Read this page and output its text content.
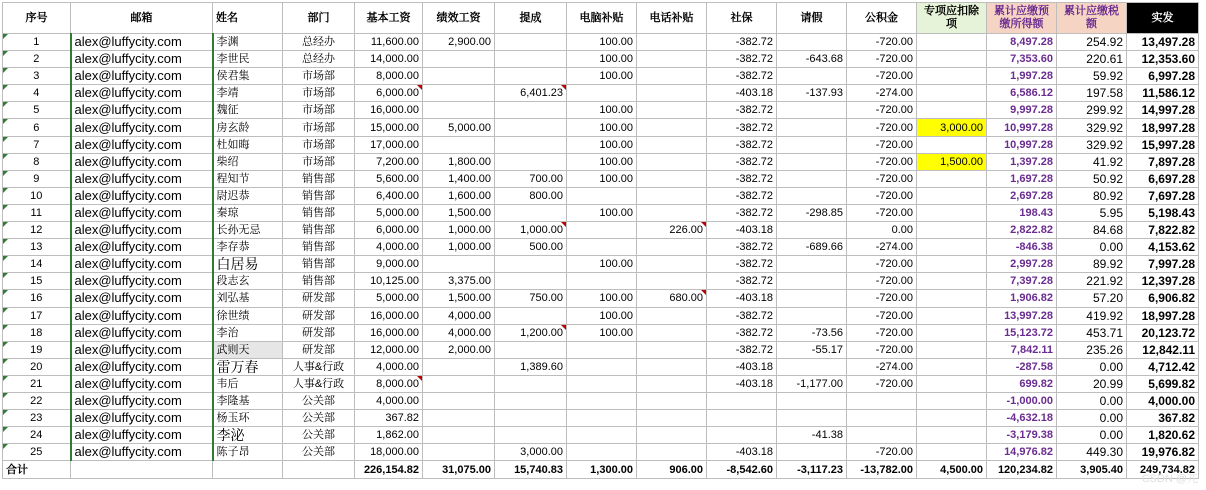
序号	邮箱	姓名	部门	基本工资	绩效工资	提成	电脑补贴	电话补贴	社保	请假	公积金	专项应扣除项	累计应缴预缴所得额	累计应缴税额	实发
1	alex@luffycity.com	李渊	总经办	11,600.00	2,900.00		100.00		-382.72		-720.00		8,497.28	254.92	13,497.28
2	alex@luffycity.com	李世民	总经办	14,000.00			100.00		-382.72	-643.68	-720.00		7,353.60	220.61	12,353.60
3	alex@luffycity.com	侯君集	市场部	8,000.00			100.00		-382.72		-720.00		1,997.28	59.92	6,997.28
4	alex@luffycity.com	李靖	市场部	6,000.00		6,401.23			-403.18	-137.93	-274.00		6,586.12	197.58	11,586.12
5	alex@luffycity.com	魏征	市场部	16,000.00			100.00		-382.72		-720.00		9,997.28	299.92	14,997.28
6	alex@luffycity.com	房玄龄	市场部	15,000.00	5,000.00		100.00		-382.72		-720.00	3,000.00	10,997.28	329.92	18,997.28
7	alex@luffycity.com	杜如晦	市场部	17,000.00			100.00		-382.72		-720.00		10,997.28	329.92	15,997.28
8	alex@luffycity.com	柴绍	市场部	7,200.00	1,800.00		100.00		-382.72		-720.00	1,500.00	1,397.28	41.92	7,897.28
9	alex@luffycity.com	程知节	销售部	5,600.00	1,400.00	700.00	100.00		-382.72		-720.00		1,697.28	50.92	6,697.28
10	alex@luffycity.com	尉迟恭	销售部	6,400.00	1,600.00	800.00			-382.72		-720.00		2,697.28	80.92	7,697.28
11	alex@luffycity.com	秦琼	销售部	5,000.00	1,500.00		100.00		-382.72	-298.85	-720.00		198.43	5.95	5,198.43
12	alex@luffycity.com	长孙无忌	销售部	6,000.00	1,000.00	1,000.00		226.00	-403.18		0.00		2,822.82	84.68	7,822.82
13	alex@luffycity.com	李存恭	销售部	4,000.00	1,000.00	500.00			-382.72	-689.66	-274.00		-846.38	0.00	4,153.62
14	alex@luffycity.com	白居易	销售部	9,000.00			100.00		-382.72		-720.00		2,997.28	89.92	7,997.28
15	alex@luffycity.com	段志玄	销售部	10,125.00	3,375.00				-382.72		-720.00		7,397.28	221.92	12,397.28
16	alex@luffycity.com	刘弘基	研发部	5,000.00	1,500.00	750.00	100.00	680.00	-403.18		-720.00		1,906.82	57.20	6,906.82
17	alex@luffycity.com	徐世绩	研发部	16,000.00	4,000.00		100.00		-382.72		-720.00		13,997.28	419.92	18,997.28
18	alex@luffycity.com	李治	研发部	16,000.00	4,000.00	1,200.00	100.00		-382.72	-73.56	-720.00		15,123.72	453.71	20,123.72
19	alex@luffycity.com	武则天	研发部	12,000.00	2,000.00				-382.72	-55.17	-720.00		7,842.11	235.26	12,842.11
20	alex@luffycity.com	雷万春	人事&行政	4,000.00		1,389.60			-403.18		-274.00		-287.58	0.00	4,712.42
21	alex@luffycity.com	韦后	人事&行政	8,000.00					-403.18	-1,177.00	-720.00		699.82	20.99	5,699.82
22	alex@luffycity.com	李隆基	公关部	4,000.00									-1,000.00	0.00	4,000.00
23	alex@luffycity.com	杨玉环	公关部	367.82									-4,632.18	0.00	367.82
24	alex@luffycity.com	李泌	公关部	1,862.00						-41.38			-3,179.38	0.00	1,820.62
25	alex@luffycity.com	陈子昂	公关部	18,000.00		3,000.00			-403.18		-720.00		14,976.82	449.30	19,976.82
合计				226,154.82	31,075.00	15,740.83	1,300.00	906.00	-8,542.60	-3,117.23	-13,782.00	4,500.00	120,234.82	3,905.40	249,734.82
CSDN @兀
